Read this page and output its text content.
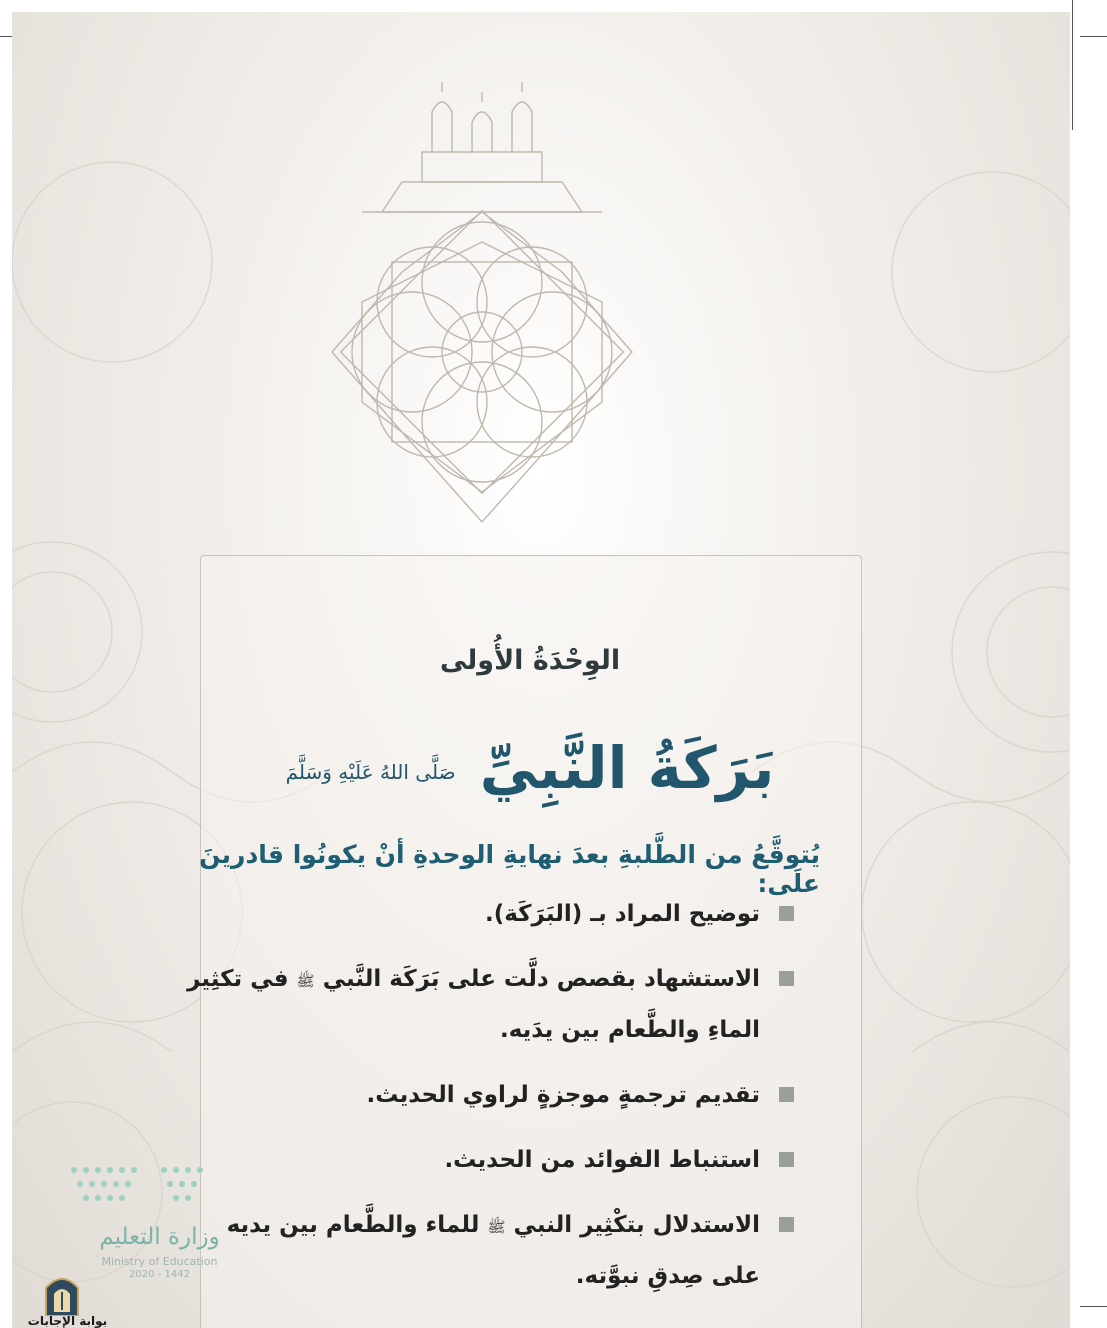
الوِحْدَةُ الأُولى
بَرَكَةُ النَّبِيِّ صَلَّى اللهُ عَلَيْهِ وَسَلَّمَ
يُتوقَّعُ من الطَّلبةِ بعدَ نهايةِ الوحدةِ أنْ يكونُوا قادرينَ علَى:
توضيح المراد بـ (البَرَكَة).
الاستشهاد بقصص دلَّت على بَرَكَة النَّبي ﷺ في تكثِير الماءِ والطَّعام بين يدَيه.
تقديم ترجمةٍ موجزةٍ لراوي الحديث.
استنباط الفوائد من الحديث.
الاستدلال بتكْثِير النبي ﷺ للماء والطَّعام بين يديه على صِدقِ نبوَّته.
وزارة التعليم
Ministry of Education
2020 - 1442
بوابة الإجابات
